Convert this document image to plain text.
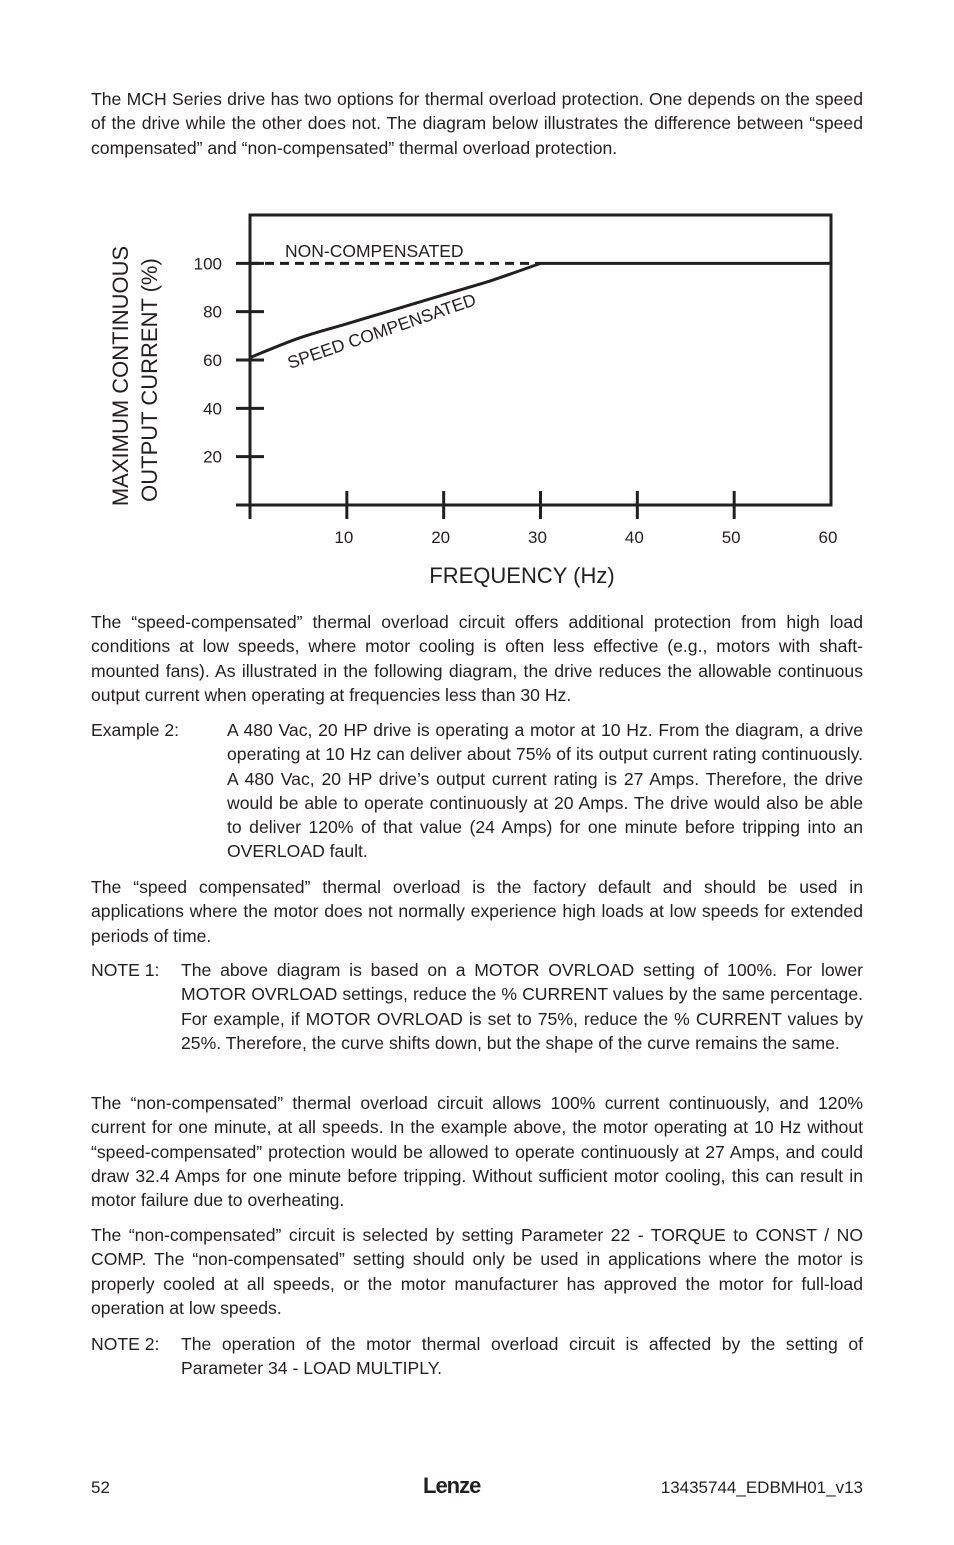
The MCH Series drive has two options for thermal overload protection. One depends on the speed of the drive while the other does not. The diagram below illustrates the difference between “speed compensated” and “non-compensated” thermal overload protection.

20
40
60
80
100
10	20	30	40	50	60
NON-COMPENSATED
SPEED COMPENSATED
MAXIMUM CONTINUOUS OUTPUT CURRENT (%)
FREQUENCY (Hz)

The “speed-compensated” thermal overload circuit offers additional protection from high load conditions at low speeds, where motor cooling is often less effective (e.g., motors with shaft-mounted fans). As illustrated in the following diagram, the drive reduces the allowable continuous output current when operating at frequencies less than 30 Hz.

Example 2:	A 480 Vac, 20 HP drive is operating a motor at 10 Hz. From the diagram, a drive operating at 10 Hz can deliver about 75% of its output current rating continuously. A 480 Vac, 20 HP drive’s output current rating is 27 Amps. Therefore, the drive would be able to operate continuously at 20 Amps. The drive would also be able to deliver 120% of that value (24 Amps) for one minute before tripping into an OVERLOAD fault.

The “speed compensated” thermal overload is the factory default and should be used in applications where the motor does not normally experience high loads at low speeds for extended periods of time.

NOTE 1: The above diagram is based on a MOTOR OVRLOAD setting of 100%. For lower MOTOR OVRLOAD settings, reduce the % CURRENT values by the same percentage. For example, if MOTOR OVRLOAD is set to 75%, reduce the % CURRENT values by 25%. Therefore, the curve shifts down, but the shape of the curve remains the same.

The “non-compensated” thermal overload circuit allows 100% current continuously, and 120% current for one minute, at all speeds. In the example above, the motor operating at 10 Hz without “speed-compensated” protection would be allowed to operate continuously at 27 Amps, and could draw 32.4 Amps for one minute before tripping. Without sufficient motor cooling, this can result in motor failure due to overheating.

The “non-compensated” circuit is selected by setting Parameter 22 - TORQUE to CONST / NO COMP. The “non-compensated” setting should only be used in applications where the motor is properly cooled at all speeds, or the motor manufacturer has approved the motor for full-load operation at low speeds.

NOTE 2: The operation of the motor thermal overload circuit is affected by the setting of Parameter 34 - LOAD MULTIPLY.

52	Lenze	13435744_EDBMH01_v13
